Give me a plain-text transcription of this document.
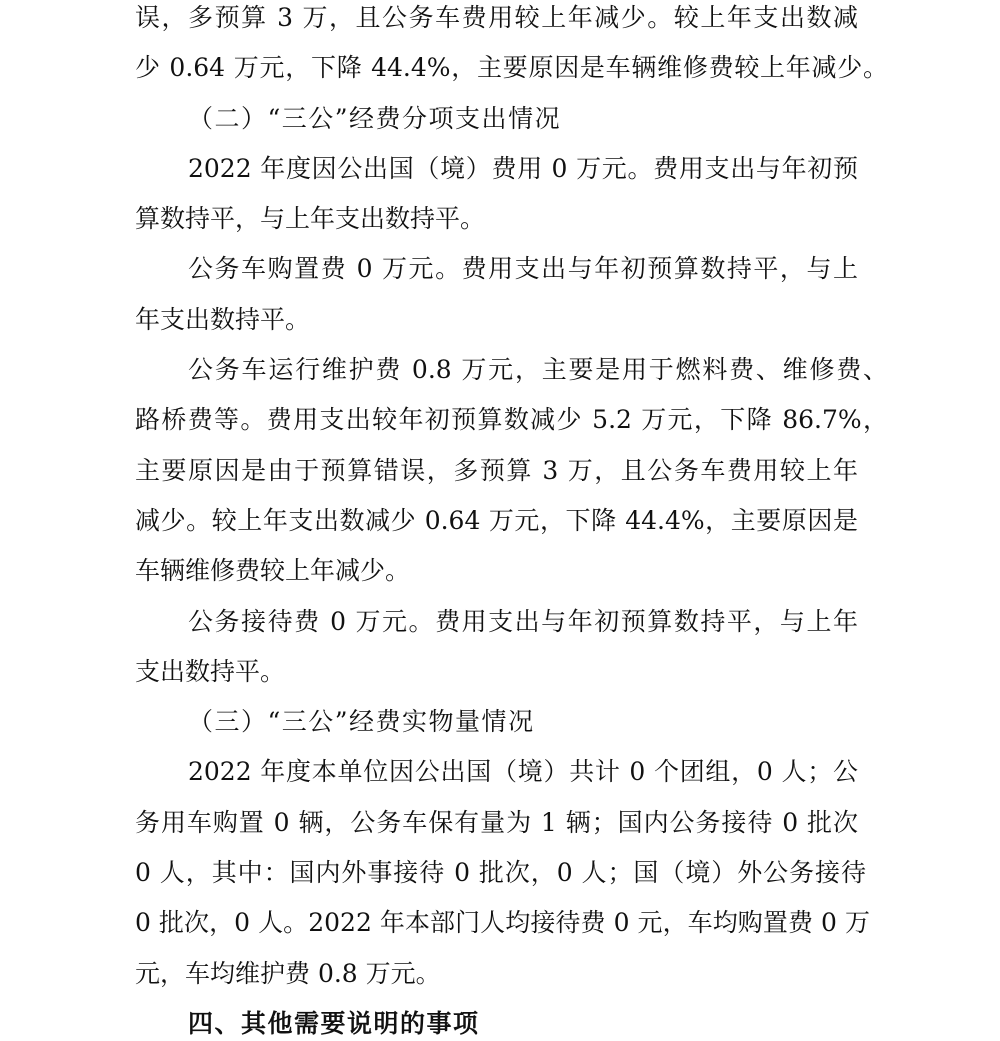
误，多预算 3 万，且公务车费用较上年减少。较上年支出数减
少 0.64 万元，下降 44.4%，主要原因是车辆维修费较上年减少。
（二）“三公”经费分项支出情况
2022 年度因公出国（境）费用 0 万元。费用支出与年初预
算数持平，与上年支出数持平。
公务车购置费 0 万元。费用支出与年初预算数持平，与上
年支出数持平。
公务车运行维护费 0.8 万元，主要是用于燃料费、维修费、
路桥费等。费用支出较年初预算数减少 5.2 万元，下降 86.7%，
主要原因是由于预算错误，多预算 3 万，且公务车费用较上年
减少。较上年支出数减少 0.64 万元，下降 44.4%，主要原因是
车辆维修费较上年减少。
公务接待费 0 万元。费用支出与年初预算数持平，与上年
支出数持平。
（三）“三公”经费实物量情况
2022 年度本单位因公出国（境）共计 0 个团组，0 人；公
务用车购置 0 辆，公务车保有量为 1 辆；国内公务接待 0 批次
0 人，其中：国内外事接待 0 批次，0 人；国（境）外公务接待
0 批次，0 人。2022 年本部门人均接待费 0 元，车均购置费 0 万
元，车均维护费 0.8 万元。
四、其他需要说明的事项
